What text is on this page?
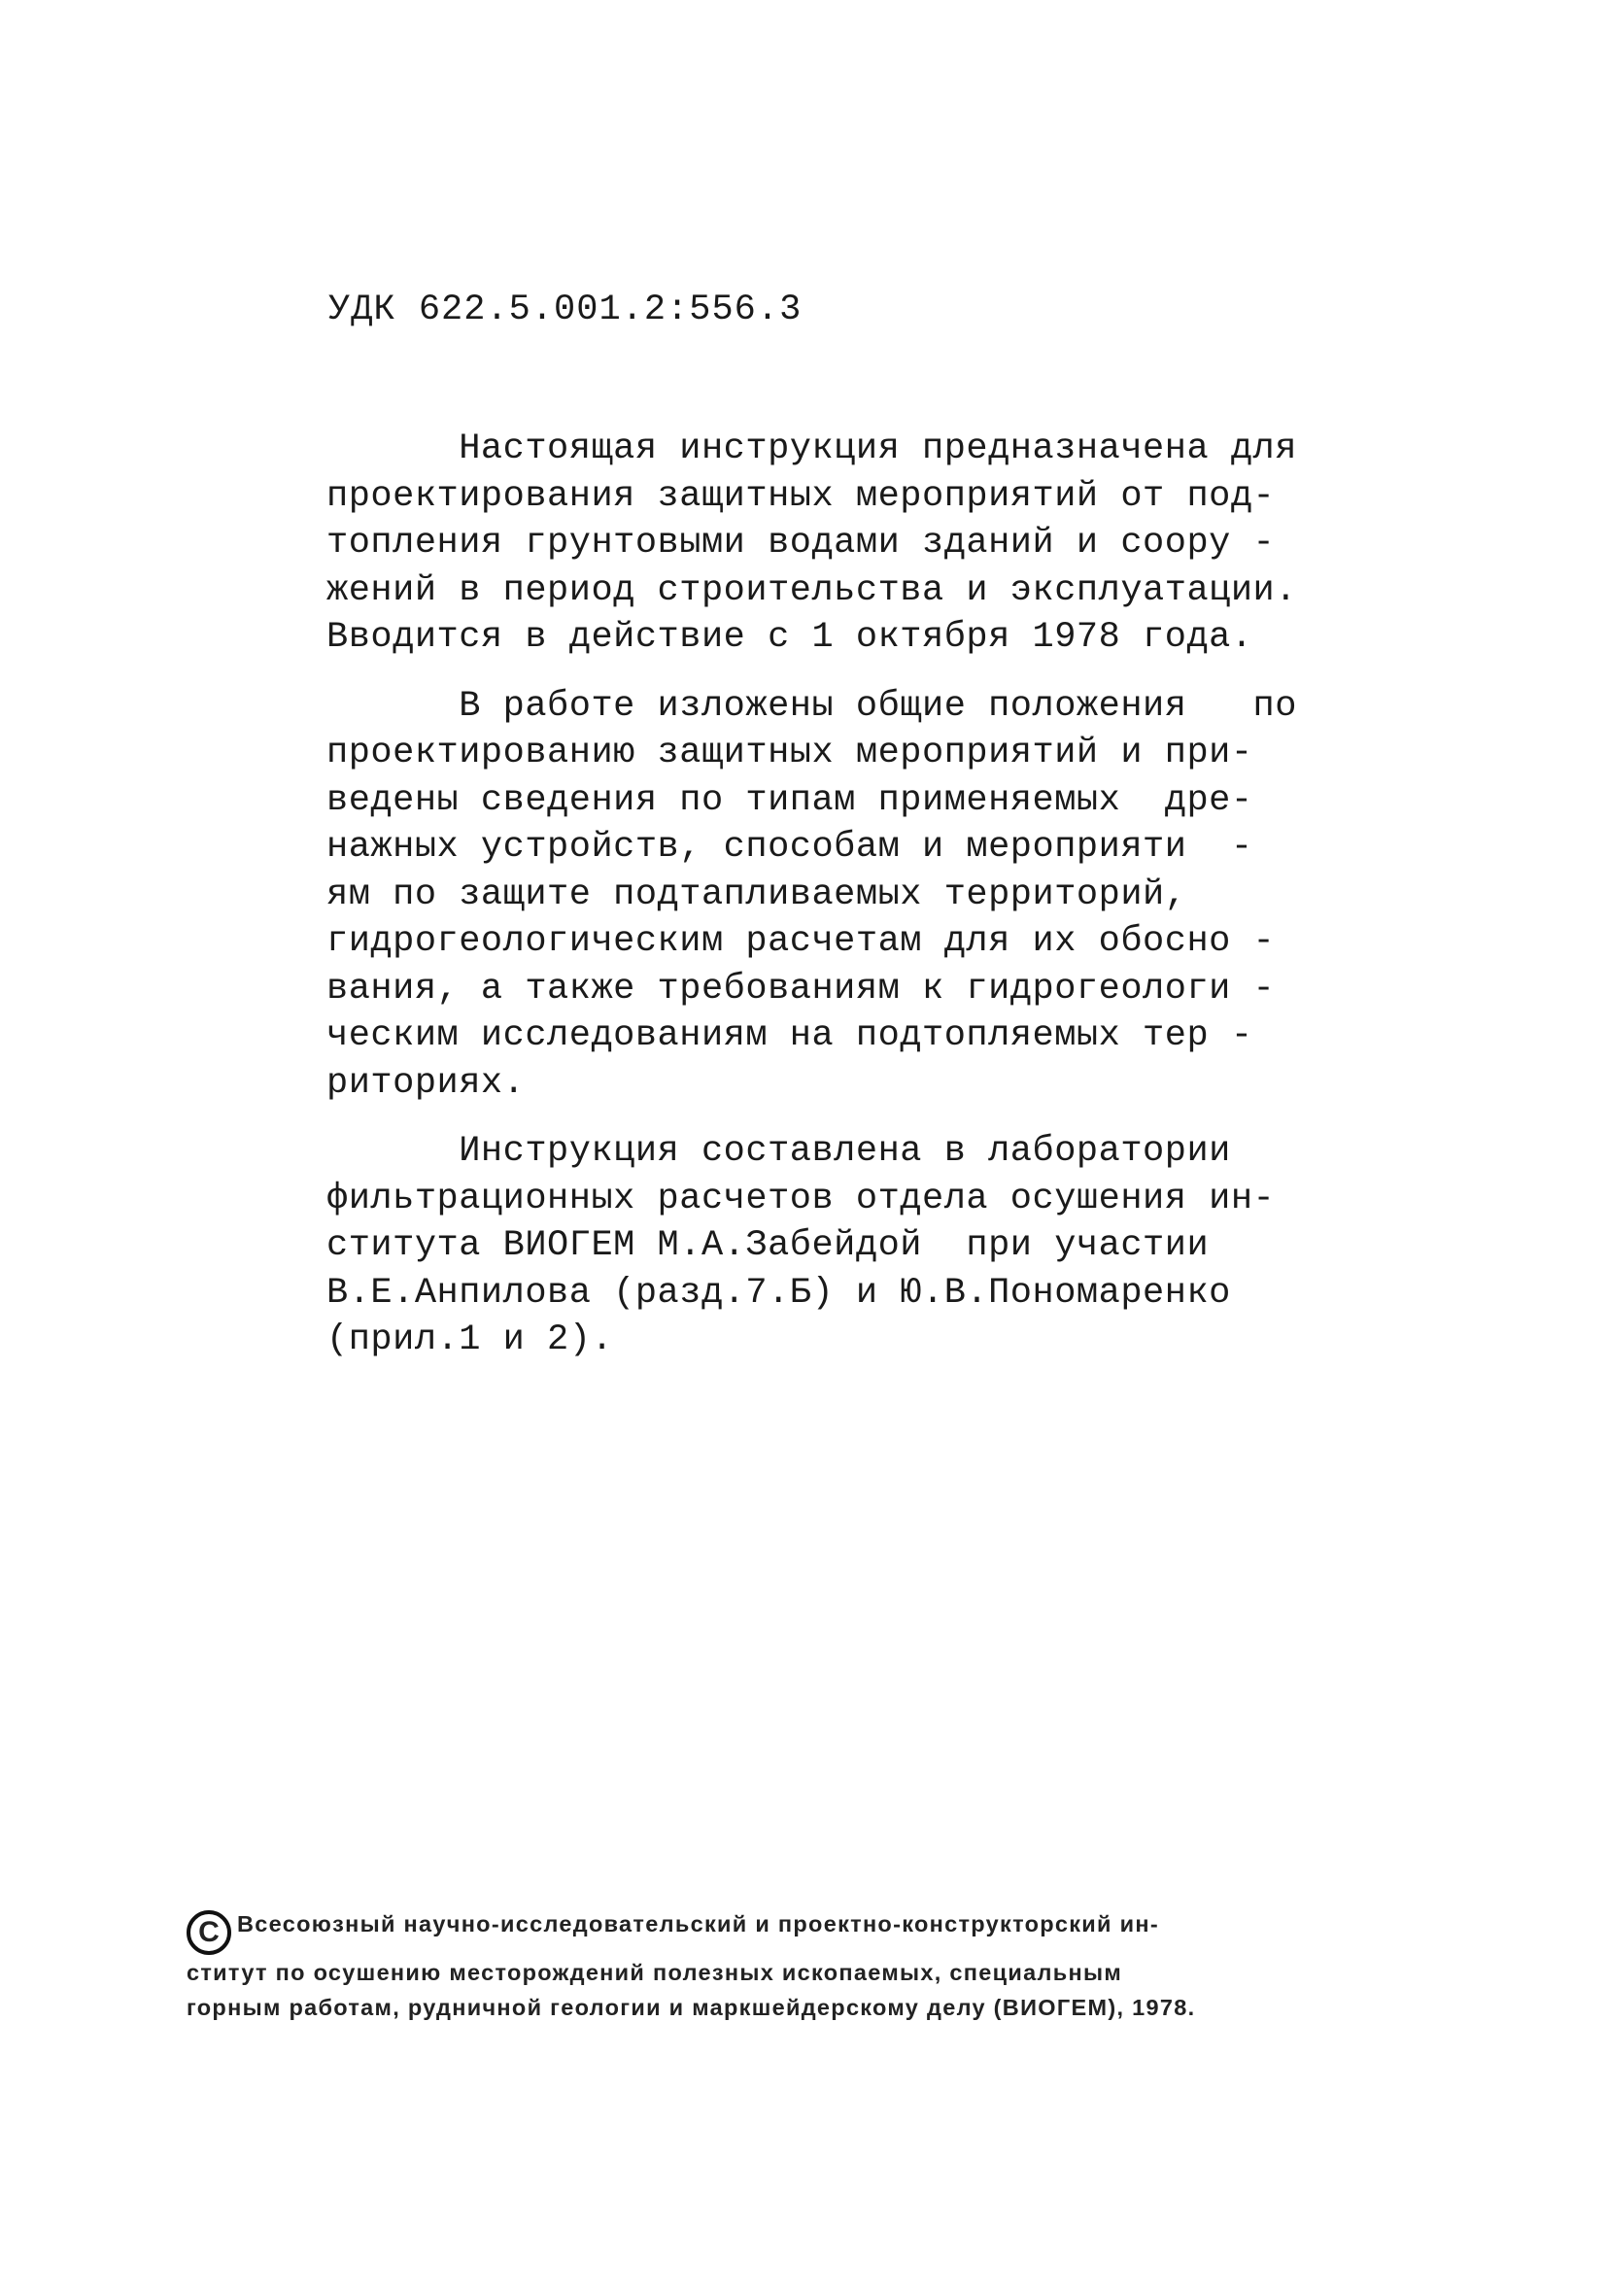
УДК 622.5.001.2:556.3
Настоящая инструкция предназначена для
проектирования защитных мероприятий от под-
топления грунтовыми водами зданий и соору -
жений в период строительства и эксплуатации.
Вводится в действие с 1 октября 1978 года.
В работе изложены общие положения   по
проектированию защитных мероприятий и при-
ведены сведения по типам применяемых  дре-
нажных устройств, способам и мероприяти  -
ям по защите подтапливаемых территорий,
гидрогеологическим расчетам для их обосно -
вания, а также требованиям к гидрогеологи -
ческим исследованиям на подтопляемых тер -
риториях.
Инструкция составлена в лаборатории
фильтрационных расчетов отдела осушения ин-
ститута ВИОГЕМ М.А.Забейдой  при участии
В.Е.Анпилова (разд.7.Б) и Ю.В.Пономаренко
(прил.1 и 2).
C Всесоюзный научно-исследовательский и проектно-конструкторский ин-
ститут по осушению месторождений полезных ископаемых, специальным
горным работам, рудничной геологии и маркшейдерскому делу (ВИОГЕМ), 1978.
